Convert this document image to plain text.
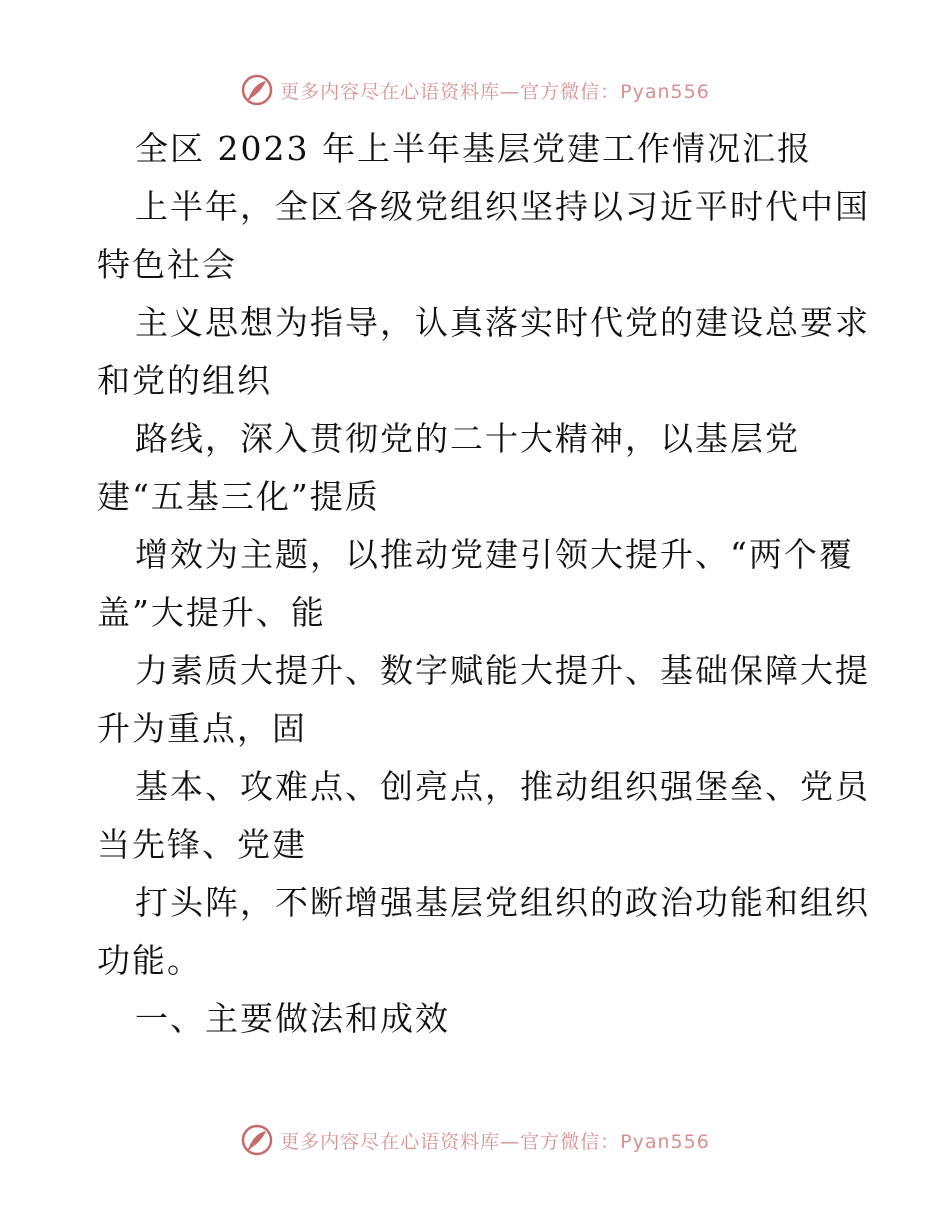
更多内容尽在心语资料库—官方微信：Pyan556
全区 2023 年上半年基层党建工作情况汇报
上半年，全区各级党组织坚持以习近平时代中国
特色社会
主义思想为指导，认真落实时代党的建设总要求
和党的组织
路线，深入贯彻党的二十大精神，以基层党
建“五基三化”提质
增效为主题，以推动党建引领大提升、“两个覆
盖”大提升、能
力素质大提升、数字赋能大提升、基础保障大提
升为重点，固
基本、攻难点、创亮点，推动组织强堡垒、党员
当先锋、党建
打头阵，不断增强基层党组织的政治功能和组织
功能。
一、主要做法和成效
更多内容尽在心语资料库—官方微信：Pyan556
